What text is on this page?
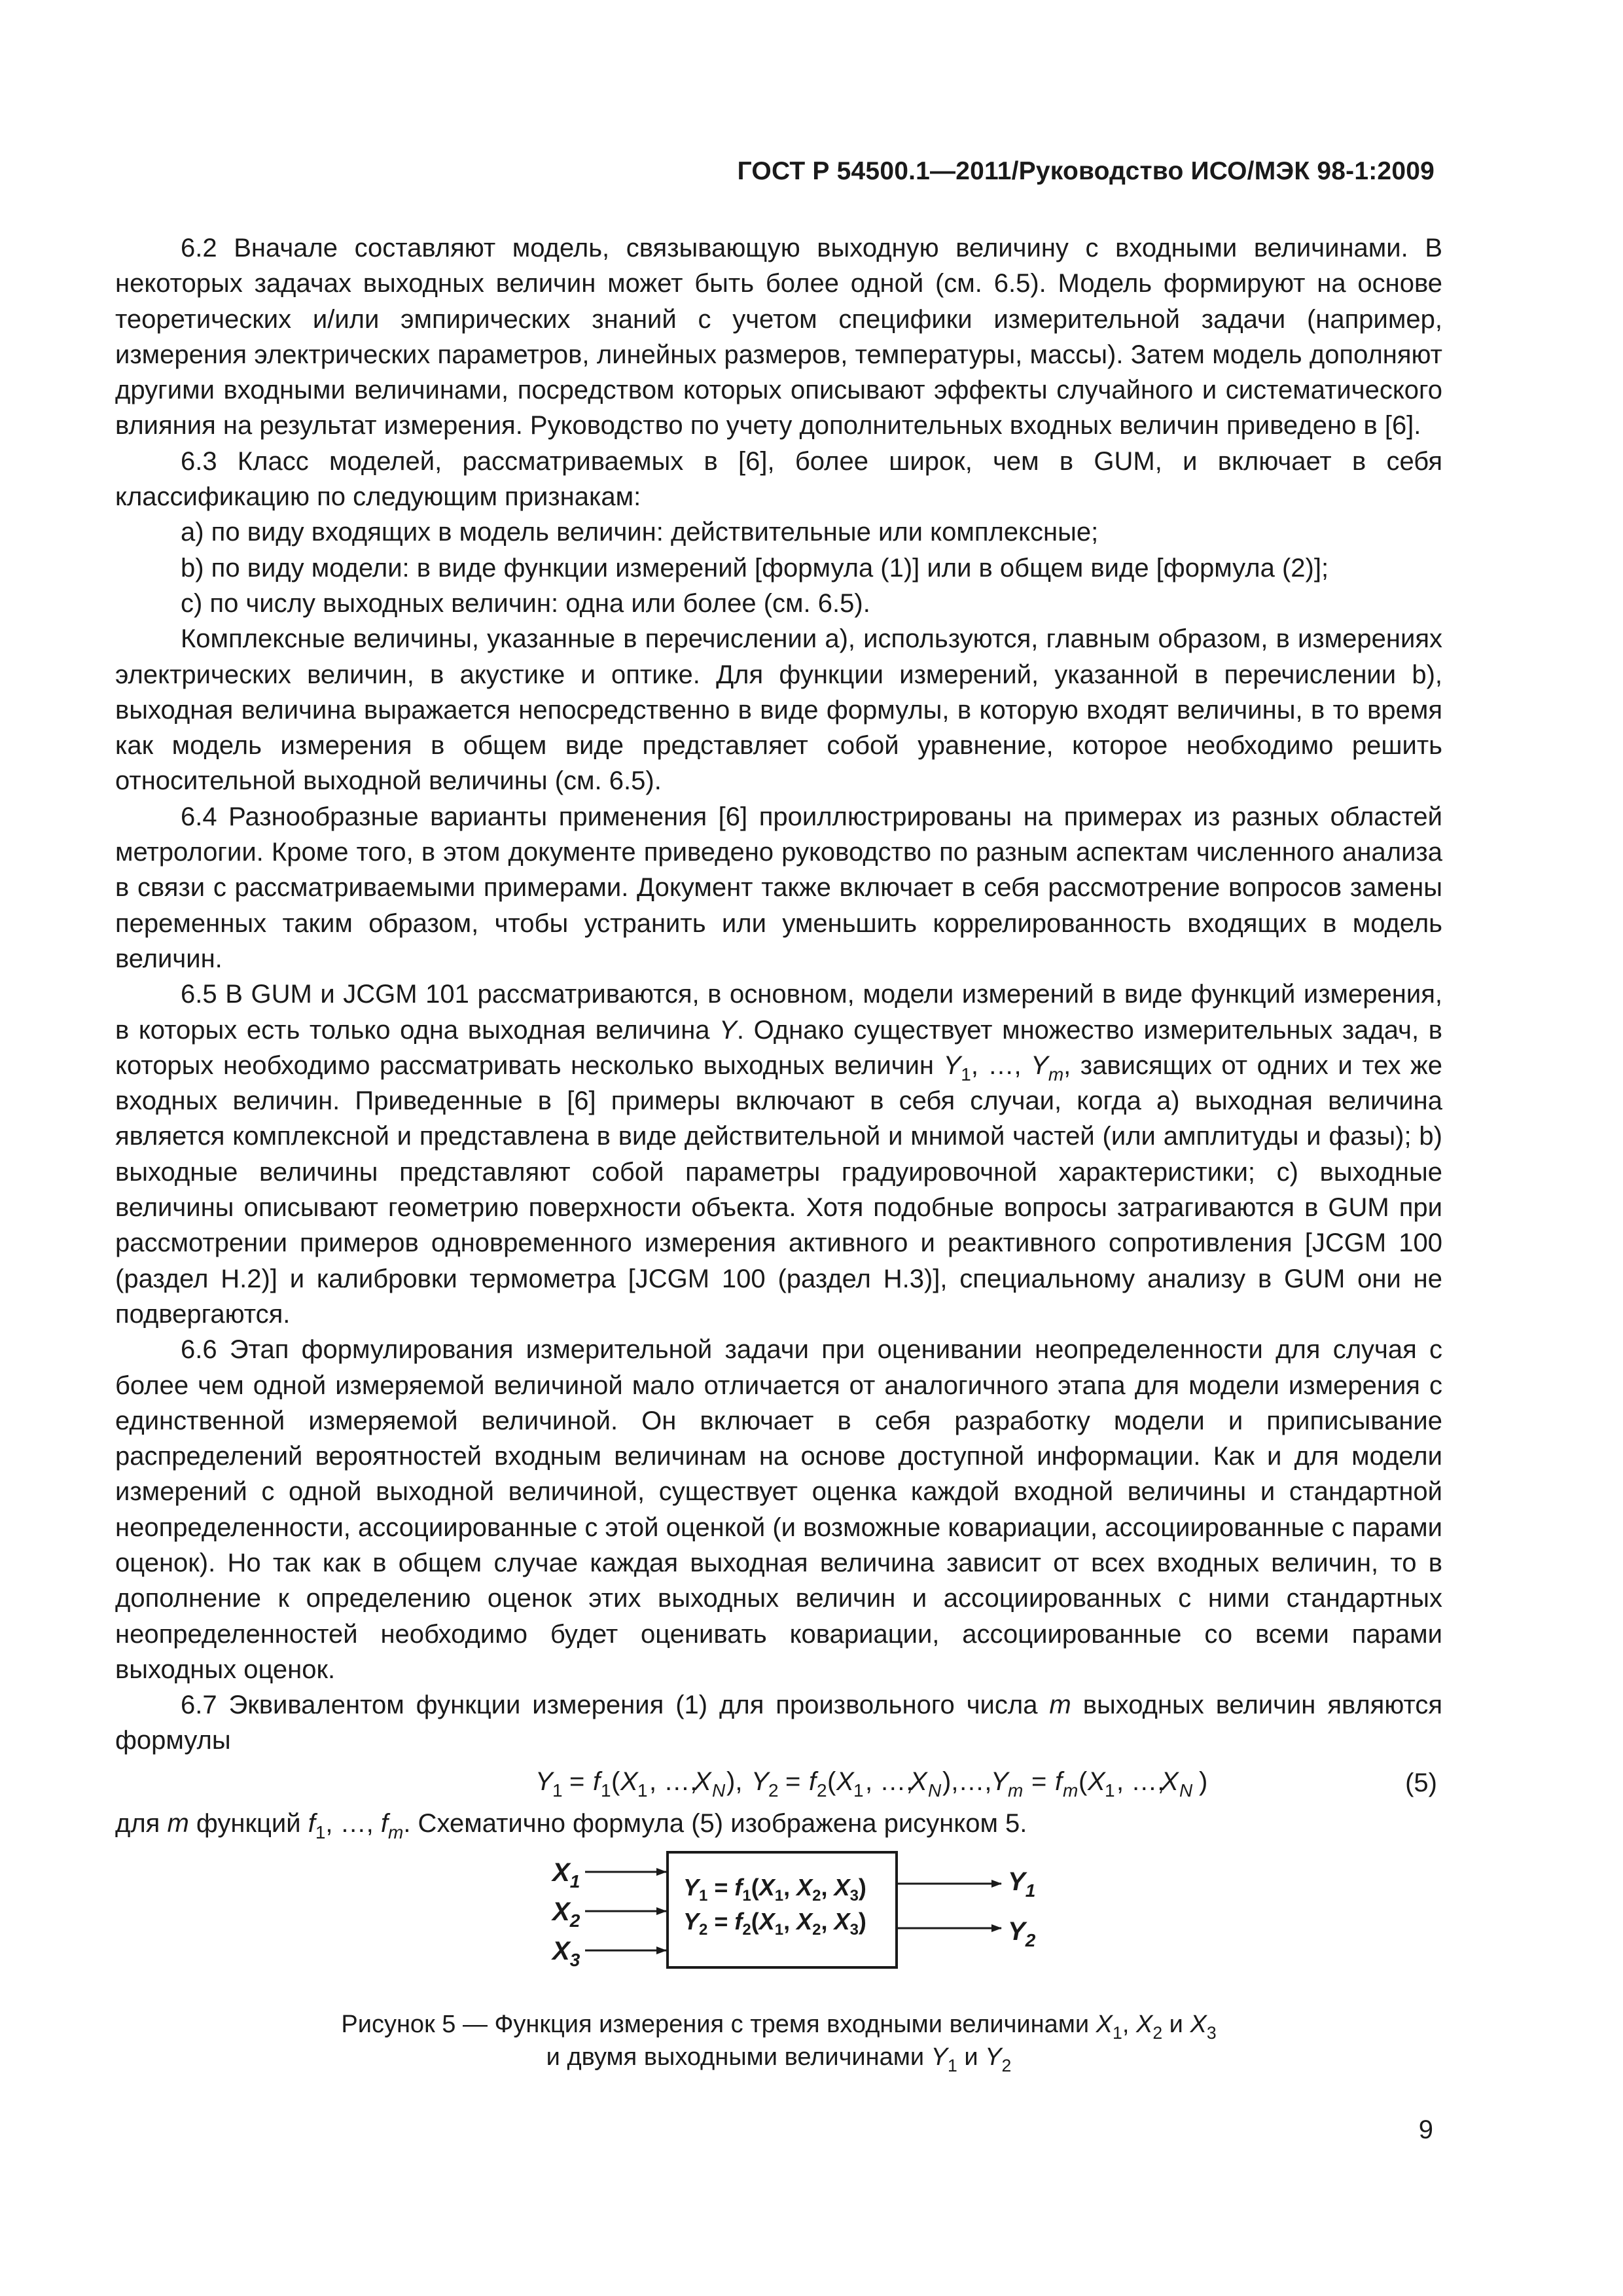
ГОСТ Р 54500.1—2011/Руководство ИСО/МЭК 98-1:2009

6.2 Вначале составляют модель, связывающую выходную величину с входными величинами. В некоторых задачах выходных величин может быть более одной (см. 6.5). Модель формируют на основе теоретических и/или эмпирических знаний с учетом специфики измерительной задачи (например, измерения электрических параметров, линейных размеров, температуры, массы). Затем модель дополняют другими входными величинами, посредством которых описывают эффекты случайного и систематического влияния на результат измерения. Руководство по учету дополнительных входных величин приведено в [6].

6.3 Класс моделей, рассматриваемых в [6], более широк, чем в GUM, и включает в себя классификацию по следующим признакам:

a) по виду входящих в модель величин: действительные или комплексные;

b) по виду модели: в виде функции измерений [формула (1)] или в общем виде [формула (2)];

c) по числу выходных величин: одна или более (см. 6.5).

Комплексные величины, указанные в перечислении а), используются, главным образом, в измерениях электрических величин, в акустике и оптике. Для функции измерений, указанной в перечислении b), выходная величина выражается непосредственно в виде формулы, в которую входят величины, в то время как модель измерения в общем виде представляет собой уравнение, которое необходимо решить относительной выходной величины (см. 6.5).

6.4 Разнообразные варианты применения [6] проиллюстрированы на примерах из разных областей метрологии. Кроме того, в этом документе приведено руководство по разным аспектам численного анализа в связи с рассматриваемыми примерами. Документ также включает в себя рассмотрение вопросов замены переменных таким образом, чтобы устранить или уменьшить коррелированность входящих в модель величин.

6.5 В GUM и JCGM 101 рассматриваются, в основном, модели измерений в виде функций измерения, в которых есть только одна выходная величина Y. Однако существует множество измерительных задач, в которых необходимо рассматривать несколько выходных величин $Y_1$, …, $Y_m$, зависящих от одних и тех же входных величин. Приведенные в [6] примеры включают в себя случаи, когда а) выходная величина является комплексной и представлена в виде действительной и мнимой частей (или амплитуды и фазы); b) выходные величины представляют собой параметры градуировочной характеристики; с) выходные величины описывают геометрию поверхности объекта. Хотя подобные вопросы затрагиваются в GUM при рассмотрении примеров одновременного измерения активного и реактивного сопротивления [JCGM 100 (раздел Н.2)] и калибровки термометра [JCGM 100 (раздел Н.3)], специальному анализу в GUM они не подвергаются.

6.6 Этап формулирования измерительной задачи при оценивании неопределенности для случая с более чем одной измеряемой величиной мало отличается от аналогичного этапа для модели измерения с единственной измеряемой величиной. Он включает в себя разработку модели и приписывание распределений вероятностей входным величинам на основе доступной информации. Как и для модели измерений с одной выходной величиной, существует оценка каждой входной величины и стандартной неопределенности, ассоциированные с этой оценкой (и возможные ковариации, ассоциированные с парами оценок). Но так как в общем случае каждая выходная величина зависит от всех входных величин, то в дополнение к определению оценок этих выходных величин и ассоциированных с ними стандартных неопределенностей необходимо будет оценивать ковариации, ассоциированные со всеми парами выходных оценок.

6.7 Эквивалентом функции измерения (1) для произвольного числа m выходных величин являются формулы

Y 1 = f 1 ( X 1 , …,
X N ), Y 2 = f 2 ( X 1 , …,
X N ),…,
Y m = f m ( X 1 , …,
X N )	(5)

для m функций $f_1$, …, $f_m$. Схематично формула (5) изображена рисунком 5.

$X_1$
$X_2$
$X_3$
$Y_1 = f_1(X_1$, $X_2$, $X_3$)
$Y_2 = f_2(X_1$, $X_2$, $X_3$)
$Y_1$
$Y_2$
Рисунок 5 — Функция измерения с тремя входными величинами $X_1$, $X_2$ и $X_3$
и двумя выходными величинами $Y_1$ и $Y_2$
9
